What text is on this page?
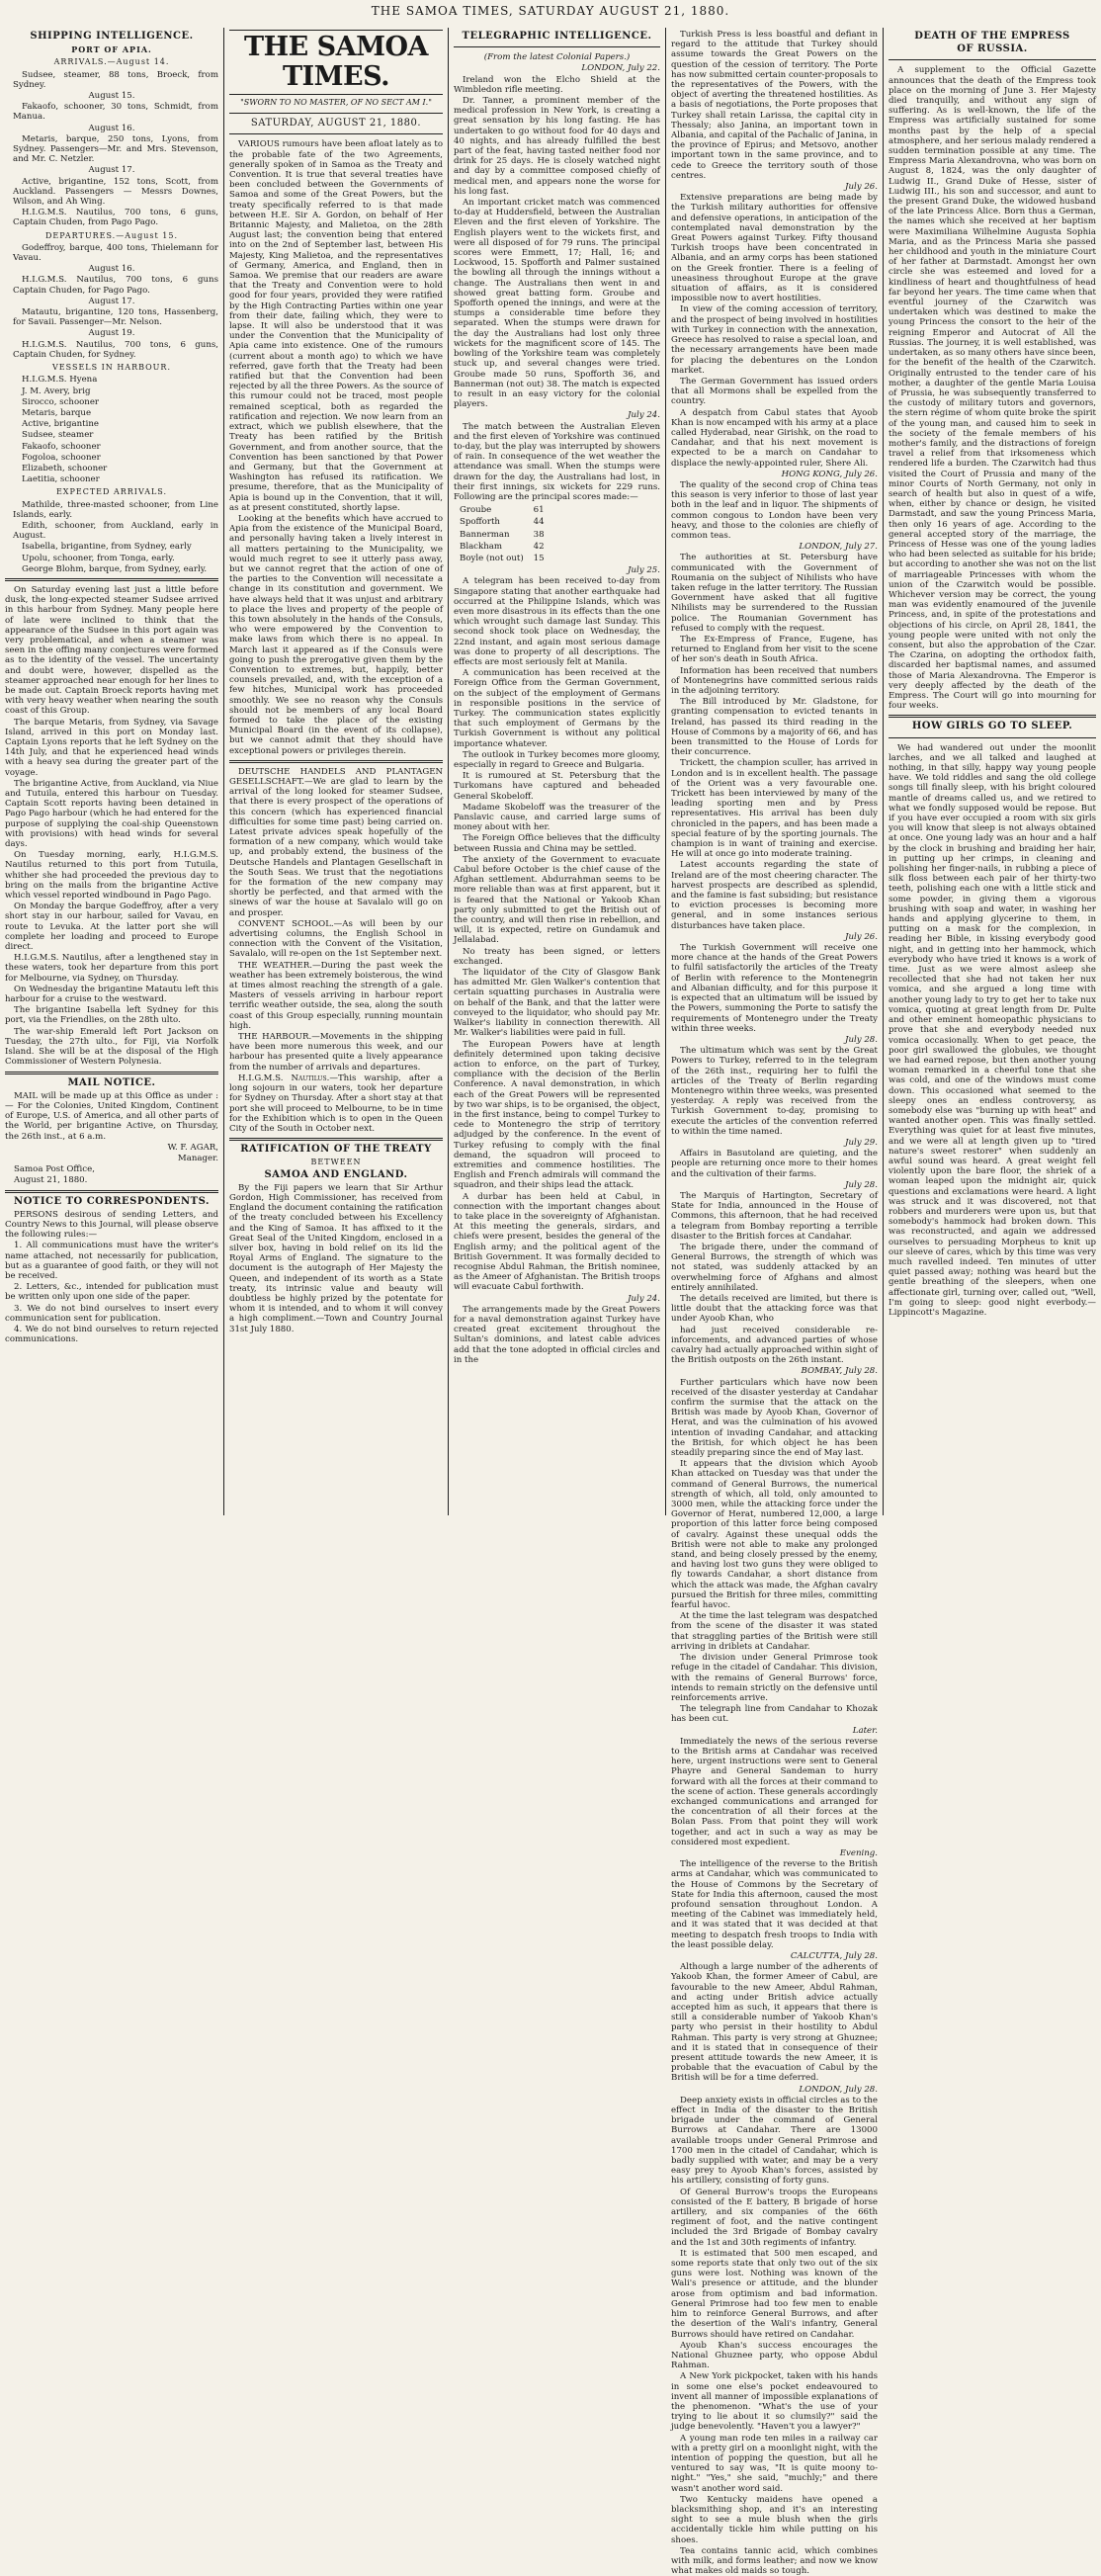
THE SAMOA TIMES, SATURDAY AUGUST 21, 1880.
SHIPPING INTELLIGENCE.
PORT OF APIA.
ARRIVALS.—August 14.

Sudsee, steamer, 88 tons, Broeck, from Sydney.

August 15.

Fakaofo, schooner, 30 tons, Schmidt, from Manua.

August 16.

Metaris, barque, 250 tons, Lyons, from Sydney. Passengers—Mr. and Mrs. Stevenson, and Mr. C. Netzler.

August 17.

Active, brigantine, 152 tons, Scott, from Auckland. Passengers — Messrs Downes, Wilson, and Ah Wing.

H.I.G.M.S. Nautilus, 700 tons, 6 guns, Captain Chuden, from Pago Pago.

DEPARTURES.—August 15.

Godeffroy, barque, 400 tons, Thielemann for Vavau.

August 16.

H.I.G.M.S. Nautilus, 700 tons, 6 guns Captain Chuden, for Pago Pago.

August 17.

Matautu, brigantine, 120 tons, Hassenberg, for Savaii. Passenger—Mr. Nelson.

August 19.

H.I.G.M.S. Nautilus, 700 tons, 6 guns, Captain Chuden, for Sydney.

VESSELS IN HARBOUR.

H.I.G.M.S. Hyena

J. M. Avery, brig

Sirocco, schooner

Metaris, barque

Active, brigantine

Sudsee, steamer

Fakaofo, schooner

Fogoloa, schooner

Elizabeth, schooner

Laetitia, schooner

EXPECTED ARRIVALS.

Mathilde, three-masted schooner, from Line Islands, early.

Edith, schooner, from Auckland, early in August.

Isabella, brigantine, from Sydney, early

Upolu, schooner, from Tonga, early.

George Blohm, barque, from Sydney, early.

On Saturday evening last just a little before dusk, the long-expected steamer Sudsee arrived in this harbour from Sydney. Many people here of late were inclined to think that the appearance of the Sudsee in this port again was very problematical, and when a steamer was seen in the offing many conjectures were formed as to the identity of the vessel. The uncertainty and doubt were, however, dispelled as the steamer approached near enough for her lines to be made out. Captain Broeck reports having met with very heavy weather when nearing the south coast of this Group.

The barque Metaris, from Sydney, via Savage Island, arrived in this port on Monday last. Captain Lyons reports that he left Sydney on the 14th July, and that he experienced head winds with a heavy sea during the greater part of the voyage.

The brigantine Active, from Auckland, via Niue and Tutuila, entered this harbour on Tuesday. Captain Scott reports having been detained in Pago Pago harbour (which he had entered for the purpose of supplying the coal-ship Queenstown with provisions) with head winds for several days.

On Tuesday morning, early, H.I.G.M.S. Nautilus returned to this port from Tutuila, whither she had proceeded the previous day to bring on the mails from the brigantine Active which vessel reported windbound in Pago Pago.

On Monday the barque Godeffroy, after a very short stay in our harbour, sailed for Vavau, en route to Levuka. At the latter port she will complete her loading and proceed to Europe direct.

H.I.G.M.S. Nautilus, after a lengthened stay in these waters, took her departure from this port for Melbourne, via Sydney, on Thursday.

On Wednesday the brigantine Matautu left this harbour for a cruise to the westward.

The brigantine Isabella left Sydney for this port, via the Friendlies, on the 28th ulto.

The war-ship Emerald left Port Jackson on Tuesday, the 27th ulto., for Fiji, via Norfolk Island. She will be at the disposal of the High Commissioner of Western Polynesia.

MAIL NOTICE.

MAIL will be made up at this Office as under :— For the Colonies, United Kingdom, Continent of Europe, U.S. of America, and all other parts of the World, per brigantine Active, on Thursday, the 26th inst., at 6 a.m.

W. F. AGAR,

Manager.

Samoa Post Office,

August 21, 1880.

NOTICE TO CORRESPONDENTS.

PERSONS desirous of sending Letters, and Country News to this Journal, will please observe the following rules:—

1. All communications must have the writer's name attached, not necessarily for publication, but as a guarantee of good faith, or they will not be received.

2. Letters, &c., intended for publication must be written only upon one side of the paper.

3. We do not bind ourselves to insert every communication sent for publication.

4. We do not bind ourselves to return rejected communications.

THE SAMOA TIMES.
"SWORN TO NO MASTER, OF NO SECT AM I."
SATURDAY, AUGUST 21, 1880.

VARIOUS rumours have been afloat lately as to the probable fate of the two Agreements, generally spoken of in Samoa as the Treaty and Convention. It is true that several treaties have been concluded between the Governments of Samoa and some of the Great Powers, but the treaty specifically referred to is that made between H.E. Sir A. Gordon, on behalf of Her Britannic Majesty, and Malietoa, on the 28th August last; the convention being that entered into on the 2nd of September last, between His Majesty, King Malietoa, and the representatives of Germany, America, and England, then in Samoa. We premise that our readers are aware that the Treaty and Convention were to hold good for four years, provided they were ratified by the High Contracting Parties within one year from their date, failing which, they were to lapse. It will also be understood that it was under the Convention that the Municipality of Apia came into existence. One of the rumours (current about a month ago) to which we have referred, gave forth that the Treaty had been ratified but that the Convention had been rejected by all the three Powers. As the source of this rumour could not be traced, most people remained sceptical, both as regarded the ratification and rejection. We now learn from an extract, which we publish elsewhere, that the Treaty has been ratified by the British Government, and from another source, that the Convention has been sanctioned by that Power and Germany, but that the Government at Washington has refused its ratification. We presume, therefore, that as the Municipality of Apia is bound up in the Convention, that it will, as at present constituted, shortly lapse.

Looking at the benefits which have accrued to Apia from the existence of the Municipal Board, and personally having taken a lively interest in all matters pertaining to the Municipality, we would much regret to see it utterly pass away, but we cannot regret that the action of one of the parties to the Convention will necessitate a change in its constitution and government. We have always held that it was unjust and arbitrary to place the lives and property of the people of this town absolutely in the hands of the Consuls, who were empowered by the Convention to make laws from which there is no appeal. In March last it appeared as if the Consuls were going to push the prerogative given them by the Convention to extremes, but, happily, better counsels prevailed, and, with the exception of a few hitches, Municipal work has proceeded smoothly. We see no reason why the Consuls should not be members of any local Board formed to take the place of the existing Municipal Board (in the event of its collapse), but we cannot admit that they should have exceptional powers or privileges therein.

DEUTSCHE HANDELS AND PLANTAGEN GESELLSCHAFT.—We are glad to learn by the arrival of the long looked for steamer Sudsee, that there is every prospect of the operations of this concern (which has experienced financial difficulties for some time past) being carried on. Latest private advices speak hopefully of the formation of a new company, which would take up, and probably extend, the business of the Deutsche Handels and Plantagen Gesellschaft in the South Seas. We trust that the negotiations for the formation of the new company may shortly be perfected, and that armed with the sinews of war the house at Savalalo will go on and prosper.

CONVENT SCHOOL.—As will been by our advertising columns, the English School in connection with the Convent of the Visitation, Savalalo, will re-open on the 1st September next.

THE WEATHER.—During the past week the weather has been extremely boisterous, the wind at times almost reaching the strength of a gale. Masters of vessels arriving in harbour report terrific weather outside, the sea, along the south coast of this Group especially, running mountain high.

THE HARBOUR.—Movements in the shipping have been more numerous this week, and our harbour has presented quite a lively appearance from the number of arrivals and departures.

H.I.G.M.S. Nautilus.—This warship, after a long sojourn in our waters, took her departure for Sydney on Thursday. After a short stay at that port she will proceed to Melbourne, to be in time for the Exhibition which is to open in the Queen City of the South in October next.

RATIFICATION OF THE TREATY
BETWEEN
SAMOA AND ENGLAND.

By the Fiji papers we learn that Sir Arthur Gordon, High Commissioner, has received from England the document containing the ratification of the treaty concluded between his Excellency and the King of Samoa. It has affixed to it the Great Seal of the United Kingdom, enclosed in a silver box, having in bold relief on its lid the Royal Arms of England. The signature to the document is the autograph of Her Majesty the Queen, and independent of its worth as a State treaty, its intrinsic value and beauty will doubtless be highly prized by the potentate for whom it is intended, and to whom it will convey a high compliment.—Town and Country Journal 31st July 1880.

TELEGRAPHIC INTELLIGENCE.

(From the latest Colonial Papers.)

LONDON, July 22.

Ireland won the Elcho Shield at the Wimbledon rifle meeting.

Dr. Tanner, a prominent member of the medical profession in New York, is creating a great sensation by his long fasting. He has undertaken to go without food for 40 days and 40 nights, and has already fulfilled the best part of the feat, having tasted neither food nor drink for 25 days. He is closely watched night and day by a committee composed chiefly of medical men, and appears none the worse for his long fast.

An important cricket match was commenced to-day at Huddersfield, between the Australian Eleven and the first eleven of Yorkshire. The English players went to the wickets first, and were all disposed of for 79 runs. The principal scores were Emmett, 17; Hall, 16; and Lockwood, 15. Spofforth and Palmer sustained the bowling all through the innings without a change. The Australians then went in and showed great batting form. Groube and Spofforth opened the innings, and were at the stumps a considerable time before they separated. When the stumps were drawn for the day the Australians had lost only three wickets for the magnificent score of 145. The bowling of the Yorkshire team was completely stuck up, and several changes were tried. Groube made 50 runs, Spofforth 36, and Bannerman (not out) 38. The match is expected to result in an easy victory for the colonial players.

July 24.

The match between the Australian Eleven and the first eleven of Yorkshire was continued to-day, but the play was interrupted by showers of rain. In consequence of the wet weather the attendance was small. When the stumps were drawn for the day, the Australians had lost, in their first innings, six wickets for 229 runs. Following are the principal scores made:—

Groube	61
Spofforth	44
Bannerman	38
Blackham	42
Boyle (not out)	15

July 25.

A telegram has been received to-day from Singapore stating that another earthquake had occurred at the Philippine Islands, which was even more disastrous in its effects than the one which wrought such damage last Sunday. This second shock took place on Wednesday, the 22nd instant, and again most serious damage was done to property of all descriptions. The effects are most seriously felt at Manila.

A communication has been received at the Foreign Office from the German Government, on the subject of the employment of Germans in responsible positions in the service of Turkey. The communication states explicitly that such employment of Germans by the Turkish Government is without any political importance whatever.

The outlook in Turkey becomes more gloomy, especially in regard to Greece and Bulgaria.

It is rumoured at St. Petersburg that the Turkomans have captured and beheaded General Skobeloff.

Madame Skobeloff was the treasurer of the Panslavic cause, and carried large sums of money about with her.

The Foreign Office believes that the difficulty between Russia and China may be settled.

The anxiety of the Government to evacuate Cabul before October is the chief cause of the Afghan settlement. Abdurrahman seems to be more reliable than was at first apparent, but it is feared that the National or Yakoob Khan party only submitted to get the British out of the country, and will then rise in rebellion, and will, it is expected, retire on Gundamuk and Jellalabad.

No treaty has been signed, or letters exchanged.

The liquidator of the City of Glasgow Bank has admitted Mr. Glen Walker's contention that certain squatting purchases in Australia were on behalf of the Bank, and that the latter were conveyed to the liquidator, who should pay Mr. Walker's liability in connection therewith. All Mr. Walker's liabilities were paid in full.

The European Powers have at length definitely determined upon taking decisive action to enforce, on the part of Turkey, compliance with the decision of the Berlin Conference. A naval demonstration, in which each of the Great Powers will be represented by two war ships, is to be organised, the object, in the first instance, being to compel Turkey to cede to Montenegro the strip of territory adjudged by the conference. In the event of Turkey refusing to comply with the final demand, the squadron will proceed to extremities and commence hostilities. The English and French admirals will command the squadron, and their ships lead the attack.

A durbar has been held at Cabul, in connection with the important changes about to take place in the sovereignty of Afghanistan. At this meeting the generals, sirdars, and chiefs were present, besides the general of the English army; and the political agent of the British Government. It was formally decided to recognise Abdul Rahman, the British nominee, as the Ameer of Afghanistan. The British troops will evacuate Cabul forthwith.

July 24.

The arrangements made by the Great Powers for a naval demonstration against Turkey have created great excitement throughout the Sultan's dominions, and latest cable advices add that the tone adopted in official circles and in the

Turkish Press is less boastful and defiant in regard to the attitude that Turkey should assume towards the Great Powers on the question of the cession of territory. The Porte has now submitted certain counter-proposals to the representatives of the Powers, with the object of averting the threatened hostilities. As a basis of negotiations, the Porte proposes that Turkey shall retain Larissa, the capital city in Thessaly; also Janina, an important town in Albania, and capital of the Pachalic of Janina, in the province of Epirus; and Metsovo, another important town in the same province, and to cede to Greece the territory south of those centres.

July 26.

Extensive preparations are being made by the Turkish military authorities for offensive and defensive operations, in anticipation of the contemplated naval demonstration by the Great Powers against Turkey. Fifty thousand Turkish troops have been concentrated in Albania, and an army corps has been stationed on the Greek frontier. There is a feeling of uneasiness throughout Europe at the grave situation of affairs, as it is considered impossible now to avert hostilities.

In view of the coming accession of territory, and the prospect of being involved in hostilities with Turkey in connection with the annexation, Greece has resolved to raise a special loan, and the necessary arrangements have been made for placing the debentures on the London market.

The German Government has issued orders that all Mormons shall be expelled from the country.

A despatch from Cabul states that Ayoob Khan is now encamped with his army at a place called Hyderabad, near Girishk, on the road to Candahar, and that his next movement is expected to be a march on Candahar to displace the newly-appointed ruler, Shere Ali.

HONG KONG, July 26.

The quality of the second crop of China teas this season is very inferior to those of last year both in the leaf and in liquor. The shipments of common congous to London have been very heavy, and those to the colonies are chiefly of common teas.

LONDON, July 27.

The authorities at St. Petersburg have communicated with the Government of Roumania on the subject of Nihilists who have taken refuge in the latter territory. The Russian Government have asked that all fugitive Nihilists may be surrendered to the Russian police. The Roumanian Government has refused to comply with the request.

The Ex-Empress of France, Eugene, has returned to England from her visit to the scene of her son's death in South Africa.

Information has been received that numbers of Montenegrins have committed serious raids in the adjoining territory.

The Bill introduced by Mr. Gladstone, for granting compensation to evicted tenants in Ireland, has passed its third reading in the House of Commons by a majority of 66, and has been transmitted to the House of Lords for their concurrence.

Trickett, the champion sculler, has arrived in London and is in excellent health. The passage of the Orient was a very favourable one. Trickett has been interviewed by many of the leading sporting men and by Press representatives. His arrival has been duly chronicled in the papers, and has been made a special feature of by the sporting journals. The champion is in want of training and exercise. He will at once go into moderate training.

Latest accounts regarding the state of Ireland are of the most cheering character. The harvest prospects are described as splendid, and the famine is fast subsiding; but resistance to eviction processes is becoming more general, and in some instances serious disturbances have taken place.

July 26.

The Turkish Government will receive one more chance at the hands of the Great Powers to fulfil satisfactorily the articles of the Treaty of Berlin with reference to the Montenegrin and Albanian difficulty, and for this purpose it is expected that an ultimatum will be issued by the Powers, summoning the Porte to satisfy the requirements of Montenegro under the Treaty within three weeks.

July 28.

The ultimatum which was sent by the Great Powers to Turkey, referred to in the telegram of the 26th inst., requiring her to fulfil the articles of the Treaty of Berlin regarding Montenegro within three weeks, was presented yesterday. A reply was received from the Turkish Government to-day, promising to execute the articles of the convention referred to within the time named.

July 29.

Affairs in Basutoland are quieting, and the people are returning once more to their homes and the cultivation of their farms.

July 28.

The Marquis of Hartington, Secretary of State for India, announced in the House of Commons, this afternoon, that he had received a telegram from Bombay reporting a terrible disaster to the British forces at Candahar.

The brigade there, under the command of General Burrows, the strength of which was not stated, was suddenly attacked by an overwhelming force of Afghans and almost entirely annihilated.

The details received are limited, but there is little doubt that the attacking force was that under Ayoob Khan, who

had just received considerable re-inforcements, and advanced parties of whose cavalry had actually approached within sight of the British outposts on the 26th instant.

BOMBAY, July 28.

Further particulars which have now been received of the disaster yesterday at Candahar confirm the surmise that the attack on the British was made by Ayoob Khan, Governor of Herat, and was the culmination of his avowed intention of invading Candahar, and attacking the British, for which object he has been steadily preparing since the end of May last.

It appears that the division which Ayoob Khan attacked on Tuesday was that under the command of General Burrows, the numerical strength of which, all told, only amounted to 3000 men, while the attacking force under the Governor of Herat, numbered 12,000, a large proportion of this latter force being composed of cavalry. Against these unequal odds the British were not able to make any prolonged stand, and being closely pressed by the enemy, and having lost two guns they were obliged to fly towards Candahar, a short distance from which the attack was made, the Afghan cavalry pursued the British for three miles, committing fearful havoc.

At the time the last telegram was despatched from the scene of the disaster it was stated that straggling parties of the British were still arriving in driblets at Candahar.

The division under General Primrose took refuge in the citadel of Candahar. This division, with the remains of General Burrows' force, intends to remain strictly on the defensive until reinforcements arrive.

The telegraph line from Candahar to Khozak has been cut.

Later.

Immediately the news of the serious reverse to the British arms at Candahar was received here, urgent instructions were sent to General Phayre and General Sandeman to hurry forward with all the forces at their command to the scene of action. These generals accordingly exchanged communications and arranged for the concentration of all their forces at the Bolan Pass. From that point they will work together, and act in such a way as may be considered most expedient.

Evening.

The intelligence of the reverse to the British arms at Candahar, which was communicated to the House of Commons by the Secretary of State for India this afternoon, caused the most profound sensation throughout London. A meeting of the Cabinet was immediately held, and it was stated that it was decided at that meeting to despatch fresh troops to India with the least possible delay.

CALCUTTA, July 28.

Although a large number of the adherents of Yakoob Khan, the former Ameer of Cabul, are favourable to the new Ameer, Abdul Rahman, and acting under British advice actually accepted him as such, it appears that there is still a considerable number of Yakoob Khan's party who persist in their hostility to Abdul Rahman. This party is very strong at Ghuznee; and it is stated that in consequence of their present attitude towards the new Ameer, it is probable that the evacuation of Cabul by the British will be for a time deferred.

LONDON, July 28.

Deep anxiety exists in official circles as to the effect in India of the disaster to the British brigade under the command of General Burrows at Candahar. There are 13000 available troops under General Primrose and 1700 men in the citadel of Candahar, which is badly supplied with water, and may be a very easy prey to Ayoob Khan's forces, assisted by his artillery, consisting of forty guns.

Of General Burrow's troops the Europeans consisted of the E battery, B brigade of horse artillery, and six companies of the 66th regiment of foot, and the native contingent included the 3rd Brigade of Bombay cavalry and the 1st and 30th regiments of infantry.

It is estimated that 500 men escaped, and some reports state that only two out of the six guns were lost. Nothing was known of the Wali's presence or attitude, and the blunder arose from optimism and bad information. General Primrose had too few men to enable him to reinforce General Burrows, and after the desertion of the Wali's infantry, General Burrows should have retired on Candahar.

Ayoub Khan's success encourages the National Ghuznee party, who oppose Abdul Rahman.

A New York pickpocket, taken with his hands in some one else's pocket endeavoured to invent all manner of impossible explanations of the phenomenon. "What's the use of your trying to lie about it so clumsily?" said the judge benevolently. "Haven't you a lawyer?"

A young man rode ten miles in a railway car with a pretty girl on a moonlight night, with the intention of popping the question, but all he ventured to say was, "It is quite moony to-night." "Yes," she said, "muchly;" and there wasn't another word said.

Two Kentucky maidens have opened a blacksmithing shop, and it's an interesting sight to see a mule blush when the girls accidentally tickle him while putting on his shoes.

Tea contains tannic acid, which combines with milk, and forms leather; and now we know what makes old maids so tough.

DEATH OF THE EMPRESS
OF RUSSIA.

A supplement to the Official Gazette announces that the death of the Empress took place on the morning of June 3. Her Majesty died tranquilly, and without any sign of suffering. As is well-known, the life of the Empress was artificially sustained for some months past by the help of a special atmosphere, and her serious malady rendered a sudden termination possible at any time. The Empress Maria Alexandrovna, who was born on August 8, 1824, was the only daughter of Ludwig II., Grand Duke of Hesse, sister of Ludwig III., his son and successor, and aunt to the present Grand Duke, the widowed husband of the late Princess Alice. Born thus a German, the names which she received at her baptism were Maximiliana Wilhelmine Augusta Sophia Maria, and as the Princess Maria she passed her childhood and youth in the miniature Court of her father at Darmstadt. Amongst her own circle she was esteemed and loved for a kindliness of heart and thoughtfulness of head far beyond her years. The time came when that eventful journey of the Czarwitch was undertaken which was destined to make the young Princess the consort to the heir of the reigning Emperor and Autocrat of All the Russias. The journey, it is well established, was undertaken, as so many others have since been, for the benefit of the health of the Czarwitch. Originally entrusted to the tender care of his mother, a daughter of the gentle Maria Louisa of Prussia, he was subsequently transferred to the custody of military tutors and governors, the stern régime of whom quite broke the spirit of the young man, and caused him to seek in the society of the female members of his mother's family, and the distractions of foreign travel a relief from that irksomeness which rendered life a burden. The Czarwitch had thus visited the Court of Prussia and many of the minor Courts of North Germany, not only in search of health but also in quest of a wife, when, either by chance or design, he visited Darmstadt, and saw the young Princess Maria, then only 16 years of age. According to the general accepted story of the marriage, the Princess of Hesse was one of the young ladies who had been selected as suitable for his bride; but according to another she was not on the list of marriageable Princesses with whom the union of the Czarwitch would be possible. Whichever version may be correct, the young man was evidently enamoured of the juvenile Princess, and, in spite of the protestations and objections of his circle, on April 28, 1841, the young people were united with not only the consent, but also the approbation of the Czar. The Czarina, on adopting the orthodox faith, discarded her baptismal names, and assumed those of Maria Alexandrovna. The Emperor is very deeply affected by the death of the Empress. The Court will go into mourning for four weeks.

HOW GIRLS GO TO SLEEP.

We had wandered out under the moonlit larches, and we all talked and laughed at nothing, in that silly, happy way young people have. We told riddles and sang the old college songs till finally sleep, with his bright coloured mantle of dreams called us, and we retired to what we fondly supposed would be repose. But if you have ever occupied a room with six girls you will know that sleep is not always obtained at once. One young lady was an hour and a half by the clock in brushing and braiding her hair, in putting up her crimps, in cleaning and polishing her finger-nails, in rubbing a piece of silk floss between each pair of her thirty-two teeth, polishing each one with a little stick and some powder, in giving them a vigorous brushing with soap and water, in washing her hands and applying glycerine to them, in putting on a mask for the complexion, in reading her Bible, in kissing everybody good night, and in getting into her hammock, which everybody who have tried it knows is a work of time. Just as we were almost asleep she recollected that she had not taken her nux vomica, and she argued a long time with another young lady to try to get her to take nux vomica, quoting at great length from Dr. Pulte and other eminent homeopathic physicians to prove that she and everybody needed nux vomica occasionally. When to get peace, the poor girl swallowed the globules, we thought we had earned repose, but then another young woman remarked in a cheerful tone that she was cold, and one of the windows must come down. This occasioned what seemed to the sleepy ones an endless controversy, as somebody else was "burning up with heat" and wanted another open. This was finally settled. Everything was quiet for at least five minutes, and we were all at length given up to "tired nature's sweet restorer" when suddenly an awful sound was heard. A great weight fell violently upon the bare floor, the shriek of a woman leaped upon the midnight air, quick questions and exclamations were heard. A light was struck and it was discovered, not that robbers and murderers were upon us, but that somebody's hammock had broken down. This was reconstructed, and again we addressed ourselves to persuading Morpheus to knit up our sleeve of cares, which by this time was very much ravelled indeed. Ten minutes of utter quiet passed away; nothing was heard but the gentle breathing of the sleepers, when one affectionate girl, turning over, called out, "Well, I'm going to sleep: good night everbody.—Lippincott's Magazine.
